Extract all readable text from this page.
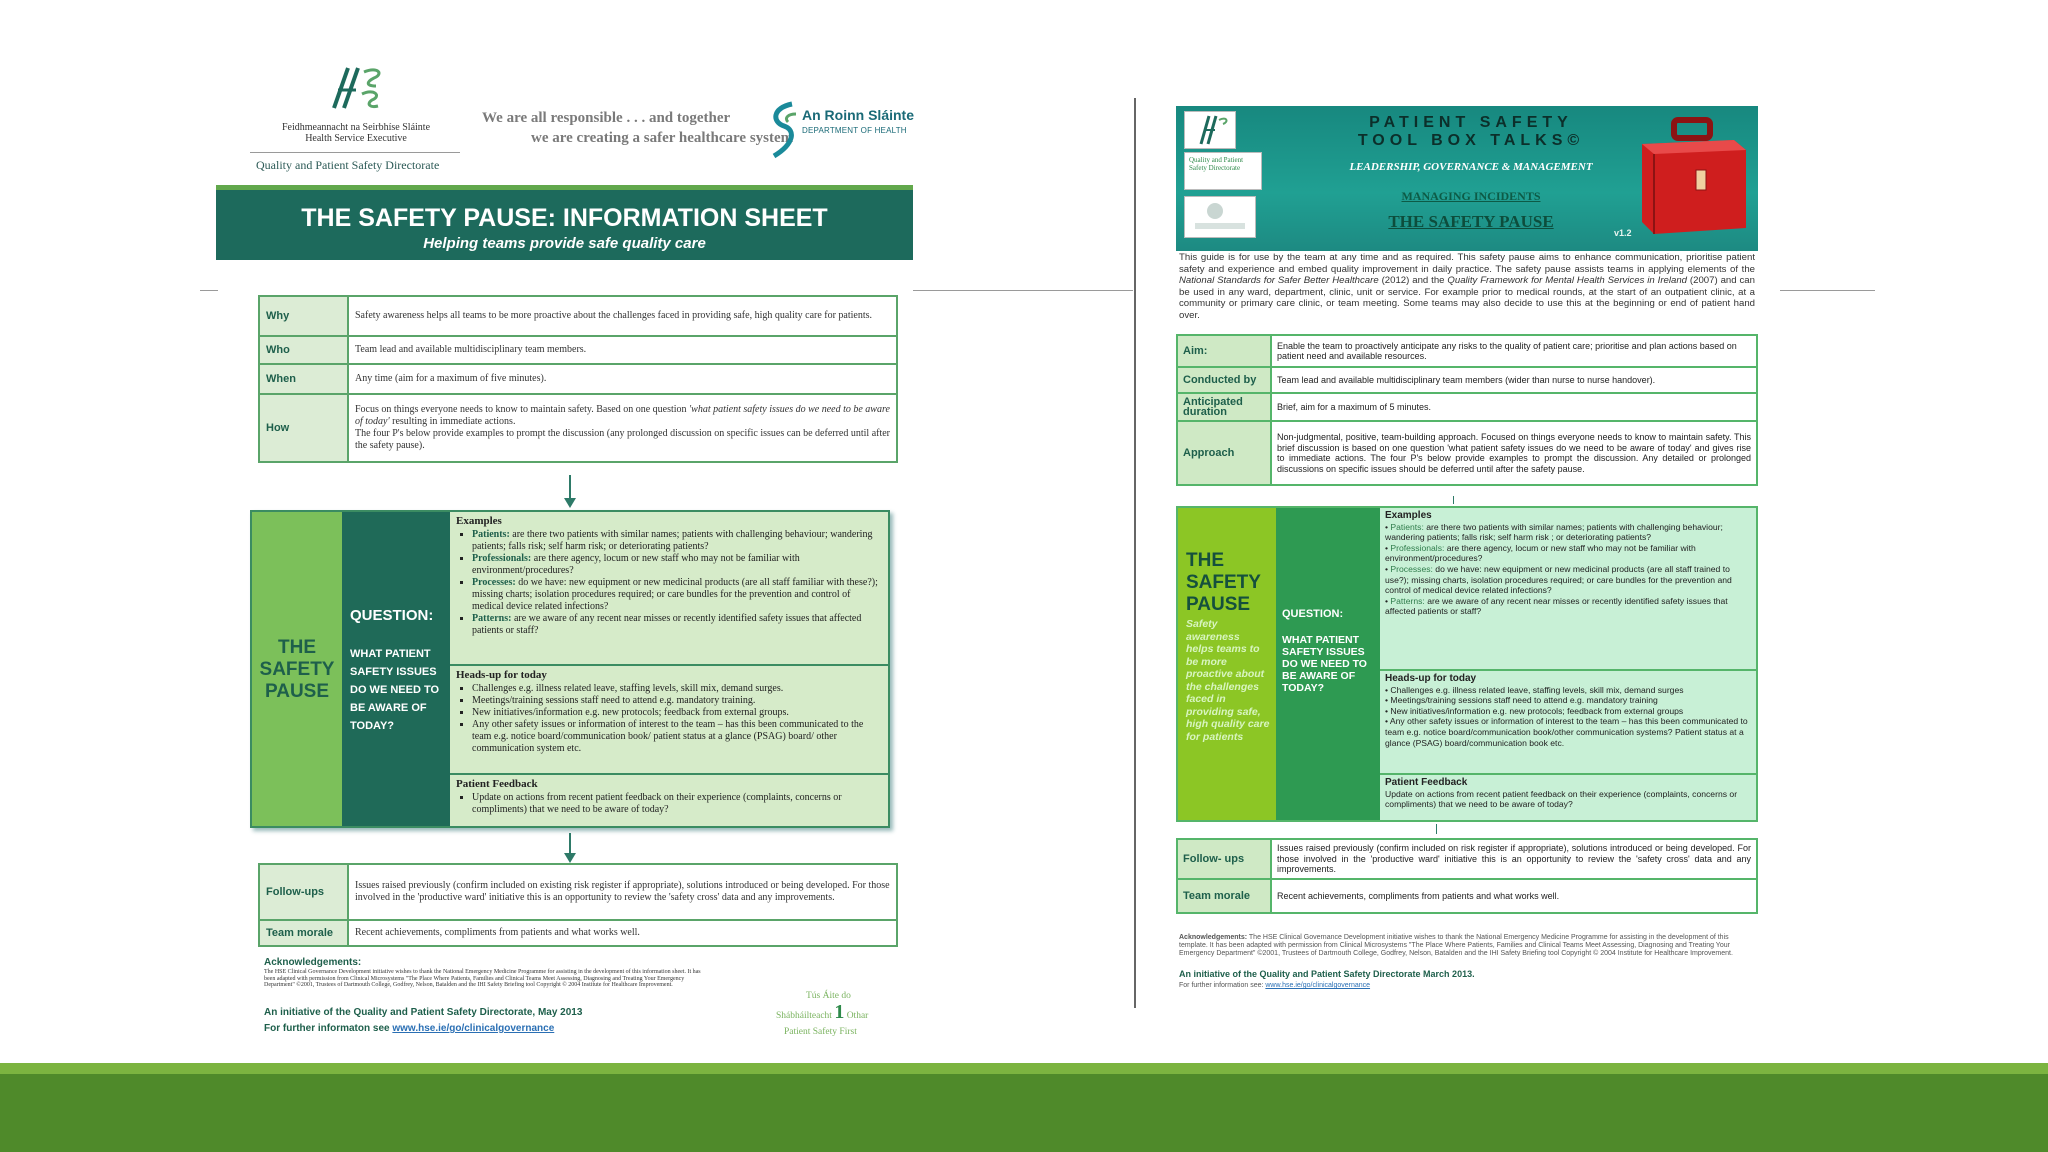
Feidhmeannacht na Seirbhíse Sláinte
Health Service Executive
Quality and Patient Safety Directorate
We are all responsible . . . and together
we are creating a safer healthcare system
An Roinn Sláinte
DEPARTMENT OF HEALTH
THE SAFETY PAUSE: INFORMATION SHEET
Helping teams provide safe quality care
Why	Safety awareness helps all teams to be more proactive about the challenges faced in providing safe, high quality care for patients.
Who	Team lead and available multidisciplinary team members.
When	Any time (aim for a maximum of five minutes).
How	Focus on things everyone needs to know to maintain safety. Based on one question 'what patient safety issues do we need to be aware of today' resulting in immediate actions.
The four P's below provide examples to prompt the discussion (any prolonged discussion on specific issues can be deferred until after the safety pause).
THE
SAFETY
PAUSE
QUESTION:
WHAT PATIENT SAFETY ISSUES DO WE NEED TO BE AWARE OF TODAY?
Examples
▪ Patients: are there two patients with similar names; patients with challenging behaviour; wandering patients; falls risk; self harm risk; or deteriorating patients?
▪ Professionals: are there agency, locum or new staff who may not be familiar with environment/procedures?
▪ Processes: do we have: new equipment or new medicinal products (are all staff familiar with these?); missing charts; isolation procedures required; or care bundles for the prevention and control of medical device related infections?
▪ Patterns: are we aware of any recent near misses or recently identified safety issues that affected patients or staff?
Heads-up for today
▪ Challenges e.g. illness related leave, staffing levels, skill mix, demand surges.
▪ Meetings/training sessions staff need to attend e.g. mandatory training.
▪ New initiatives/information e.g. new protocols; feedback from external groups.
▪ Any other safety issues or information of interest to the team – has this been communicated to the team e.g. notice board/communication book/ patient status at a glance (PSAG) board/ other communication system etc.
Patient Feedback
▪ Update on actions from recent patient feedback on their experience (complaints, concerns or compliments) that we need to be aware of today?
Follow-ups	Issues raised previously (confirm included on existing risk register if appropriate), solutions introduced or being developed. For those involved in the 'productive ward' initiative this is an opportunity to review the 'safety cross' data and any improvements.
Team morale	Recent achievements, compliments from patients and what works well.
Acknowledgements:
The HSE Clinical Governance Development initiative wishes to thank the National Emergency Medicine Programme for assisting in the development of this information sheet. It has been adapted with permission from Clinical Microsystems "The Place Where Patients, Families and Clinical Teams Meet Assessing, Diagnosing and Treating Your Emergency Department" ©2001, Trustees of Dartmouth College, Godfrey, Nelson, Batalden and the IHI Safety Briefing tool Copyright © 2004 Institute for Healthcare Improvement.
An initiative of the Quality and Patient Safety Directorate, May 2013
For further informaton see www.hse.ie/go/clinicalgovernance
Tús Áite do
Shábháilteacht 1 Othar
Patient Safety First
Quality and Patient Safety Directorate
PATIENT SAFETY
TOOL BOX TALKS©
LEADERSHIP, GOVERNANCE & MANAGEMENT
MANAGING INCIDENTS
THE SAFETY PAUSE
v1.2
This guide is for use by the team at any time and as required. This safety pause aims to enhance communication, prioritise patient safety and experience and embed quality improvement in daily practice. The safety pause assists teams in applying elements of the National Standards for Safer Better Healthcare (2012) and the Quality Framework for Mental Health Services in Ireland (2007) and can be used in any ward, department, clinic, unit or service. For example prior to medical rounds, at the start of an outpatient clinic, at a community or primary care clinic, or team meeting. Some teams may also decide to use this at the beginning or end of patient hand over.
Aim:	Enable the team to proactively anticipate any risks to the quality of patient care; prioritise and plan actions based on patient need and available resources.
Conducted by	Team lead and available multidisciplinary team members (wider than nurse to nurse handover).
Anticipated duration	Brief, aim for a maximum of 5 minutes.
Approach	Non-judgmental, positive, team-building approach. Focused on things everyone needs to know to maintain safety. This brief discussion is based on one question 'what patient safety issues do we need to be aware of today' and gives rise to immediate actions. The four P's below provide examples to prompt the discussion. Any detailed or prolonged discussions on specific issues should be deferred until after the safety pause.
THE
SAFETY
PAUSE
Safety awareness helps teams to be more proactive about the challenges faced in providing safe, high quality care for patients
QUESTION:
WHAT PATIENT SAFETY ISSUES DO WE NEED TO BE AWARE OF TODAY?
Examples
• Patients: are there two patients with similar names; patients with challenging behaviour; wandering patients; falls risk; self harm risk ; or deteriorating patients?
• Professionals: are there agency, locum or new staff who may not be familiar with environment/procedures?
• Processes: do we have: new equipment or new medicinal products (are all staff trained to use?); missing charts, isolation procedures required; or care bundles for the prevention and control of medical device related infections?
• Patterns: are we aware of any recent near misses or recently identified safety issues that affected patients or staff?
Heads-up for today
• Challenges e.g. illness related leave, staffing levels, skill mix, demand surges
• Meetings/training sessions staff need to attend e.g. mandatory training
• New initiatives/information e.g. new protocols; feedback from external groups
• Any other safety issues or information of interest to the team – has this been communicated to team e.g. notice board/communication book/other communication systems? Patient status at a glance (PSAG) board/communication book etc.
Patient Feedback
Update on actions from recent patient feedback on their experience (complaints, concerns or compliments) that we need to be aware of today?
Follow- ups	Issues raised previously (confirm included on risk register if appropriate), solutions introduced or being developed. For those involved in the 'productive ward' initiative this is an opportunity to review the 'safety cross' data and any improvements.
Team morale	Recent achievements, compliments from patients and what works well.
Acknowledgements: The HSE Clinical Governance Development initiative wishes to thank the National Emergency Medicine Programme for assisting in the development of this template. It has been adapted with permission from Clinical Microsystems "The Place Where Patients, Families and Clinical Teams Meet Assessing, Diagnosing and Treating Your Emergency Department" ©2001, Trustees of Dartmouth College, Godfrey, Nelson, Batalden and the IHI Safety Briefing tool Copyright © 2004 Institute for Healthcare Improvement.
An initiative of the Quality and Patient Safety Directorate March 2013.
For further information see: www.hse.ie/go/clinicalgovernance
